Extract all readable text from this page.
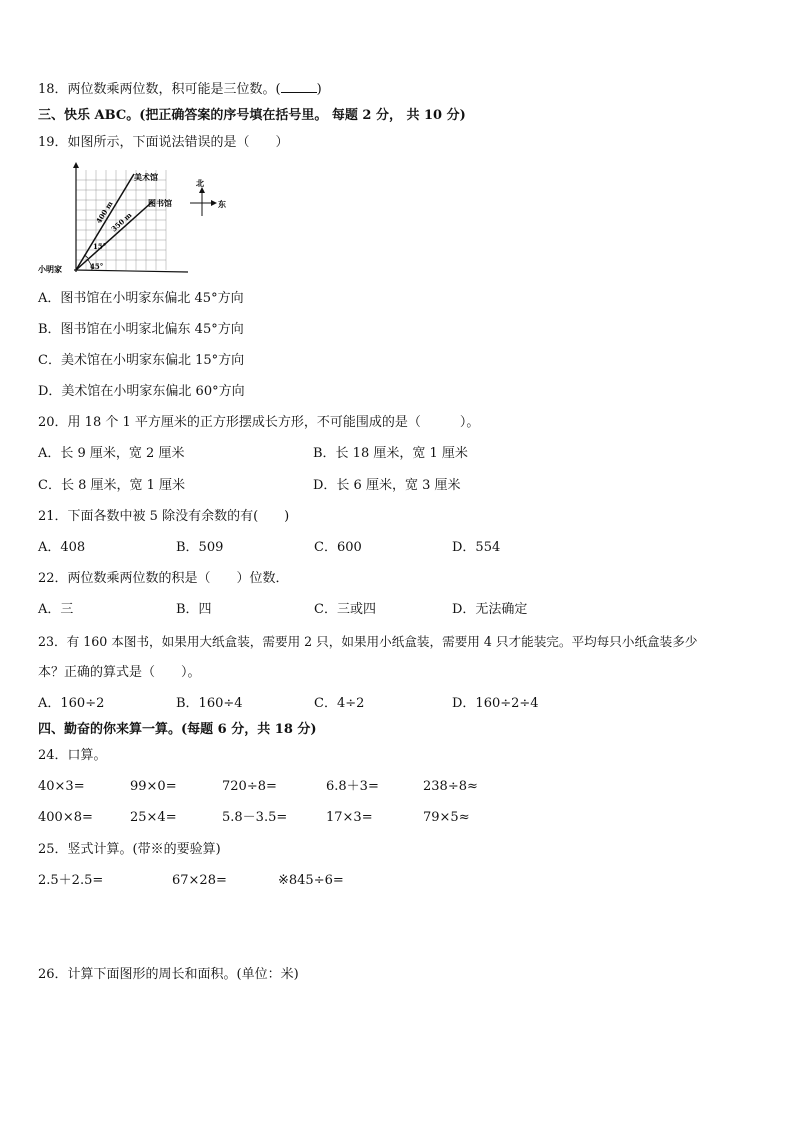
18．两位数乘两位数，积可能是三位数。(	)
三、快乐 ABC。(把正确答案的序号填在括号里。 每题 2 分， 共 10 分)
19．如图所示，下面说法错误的是（　　）
美术馆
图书馆
小明家
400 m
350 m
15°
45°
北
东
A．图书馆在小明家东偏北 45°方向
B．图书馆在小明家北偏东 45°方向
C．美术馆在小明家东偏北 15°方向
D．美术馆在小明家东偏北 60°方向
20．用 18 个 1 平方厘米的正方形摆成长方形，不可能围成的是（　　　）。
A．长 9 厘米，宽 2 厘米	B．长 18 厘米，宽 1 厘米
C．长 8 厘米，宽 1 厘米	D．长 6 厘米，宽 3 厘米
21．下面各数中被 5 除没有余数的有(　　)
A．408	B．509	C．600	D．554
22．两位数乘两位数的积是（　　）位数．
A．三	B．四	C．三或四	D．无法确定
23．有 160 本图书，如果用大纸盒装，需要用 2 只，如果用小纸盒装，需要用 4 只才能装完。平均每只小纸盒装多少
本？正确的算式是（　　）。
A．160÷2	B．160÷4	C．4÷2	D．160÷2÷4
四、勤奋的你来算一算。(每题 6 分，共 18 分)
24．口算。
40×3=	99×0=	720÷8=	6.8＋3=	238÷8≈
400×8=	25×4=	5.8－3.5=	17×3=	79×5≈
25．竖式计算。(带※的要验算)
2.5＋2.5=	67×28=	※845÷6=
26．计算下面图形的周长和面积。(单位：米)
